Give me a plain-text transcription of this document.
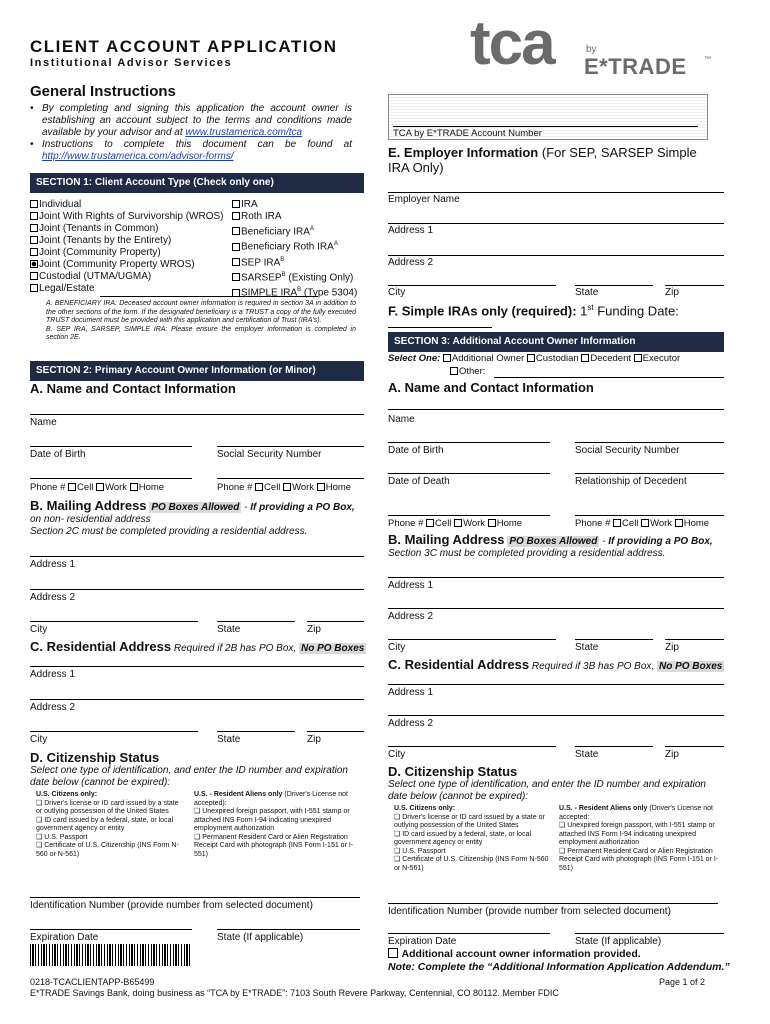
CLIENT ACCOUNT APPLICATION
Institutional Advisor Services	tca	by
E*TRADE ™
General Instructions
• By completing and signing this application the account owner is establishing an account subject to the terms and conditions made available by your advisor and at www.trustamerica.com/tca
• Instructions to complete this document can be found at http://www.trustamerica.com/advisor-forms/
TCA by E*TRADE Account Number
E. Employer Information (For SEP, SARSEP Simple IRA Only)
Employer Name
Address 1
Address 2
City	State	Zip
F. Simple IRAs only (required): 1st Funding Date:
SECTION 1: Client Account Type (Check only one)
Individual
Joint With Rights of Survivorship (WROS)
Joint (Tenants in Common)
Joint (Tenants by the Entirety)
Joint (Community Property)
Joint (Community Property WROS)
Custodial (UTMA/UGMA)
Legal/Estate
IRA
Roth IRA
Beneficiary $IRA^A$
Beneficiary Roth $IRA^A$
SEP $IRA^B$
$SARSEP^B$ (Existing Only)
SIMPLE $IRA^B$ (Type 5304)
A. BENEFICIARY IRA: Deceased account owner information is required in section 3A in addition to the other sections of the form. If the designated beneficiary is a TRUST a copy of the fully executed TRUST document must be provided with this application and certification of Trust (IRA's).
B. SEP IRA, SARSEP, SIMPLE IRA: Please ensure the employer information is completed in section 2E.
SECTION 2: Primary Account Owner Information (or Minor)
A. Name and Contact Information
Name
Date of Birth	Social Security Number
Phone # Cell Work Home	Phone # Cell Work Home
B. Mailing Address PO Boxes Allowed - If providing a PO Box, on non- residential address
Section 2C must be completed providing a residential address.
Address 1
Address 2
City	State	Zip
C. Residential Address Required if 2B has PO Box, No PO Boxes
Address 1
Address 2
City	State	Zip
D. Citizenship Status
Select one type of identification, and enter the ID number and expiration date below (cannot be expired):
U.S. Citizens only:
❑ Driver's license or ID card issued by a state or outlying possession of the United States
❑ ID card issued by a federal, state, or local government agency or entity
❑ U.S. Passport
❑ Certificate of U.S. Citizenship (INS Form N-560 or N-561)
U.S. - Resident Aliens only (Driver's License not accepted):
❑ Unexpired foreign passport, with I-551 stamp or attached INS Form I-94 indicating unexpired employment authorization
❑ Permanent Resident Card or Alien Registration Receipt Card with photograph (INS Form I-151 or I-551)
Identification Number (provide number from selected document)
Expiration Date	State (If applicable)
SECTION 3: Additional Account Owner Information
Select One: Additional Owner Custodian Decedent Executor
Other:
A. Name and Contact Information
Name
Date of Birth	Social Security Number
Date of Death	Relationship of Decedent
Phone # Cell Work Home	Phone # Cell Work Home
B. Mailing Address PO Boxes Allowed - If providing a PO Box,
Section 3C must be completed providing a residential address.
Address 1
Address 2
City	State	Zip
C. Residential Address Required if 3B has PO Box, No PO Boxes
Address 1
Address 2
City	State	Zip
D. Citizenship Status
Select one type of identification, and enter the ID number and expiration date below (cannot be expired):
U.S. Citizens only:
❑ Driver's license or ID card issued by a state or outlying possession of the United States
❑ ID card issued by a federal, state, or local government agency or entity
❑ U.S. Passport
❑ Certificate of U.S. Citizenship (INS Form N-560 or N-561)
U.S. - Resident Aliens only (Driver's License not accepted:
❑ Unexpired foreign passport, with I-551 stamp or attached INS Form I-94 indicating unexpired employment authorization
❑ Permanent Resident Card or Alien Registration Receipt Card with photograph (INS Form I-151 or I-551)
Identification Number (provide number from selected document)
Expiration Date	State (If applicable)
Additional account owner information provided.
Note: Complete the “Additional Information Application Addendum.”
0218-TCACLIENTAPP-B65499	Page 1 of 2
E*TRADE Savings Bank, doing business as “TCA by E*TRADE”: 7103 South Revere Parkway, Centennial, CO 80112. Member FDIC
